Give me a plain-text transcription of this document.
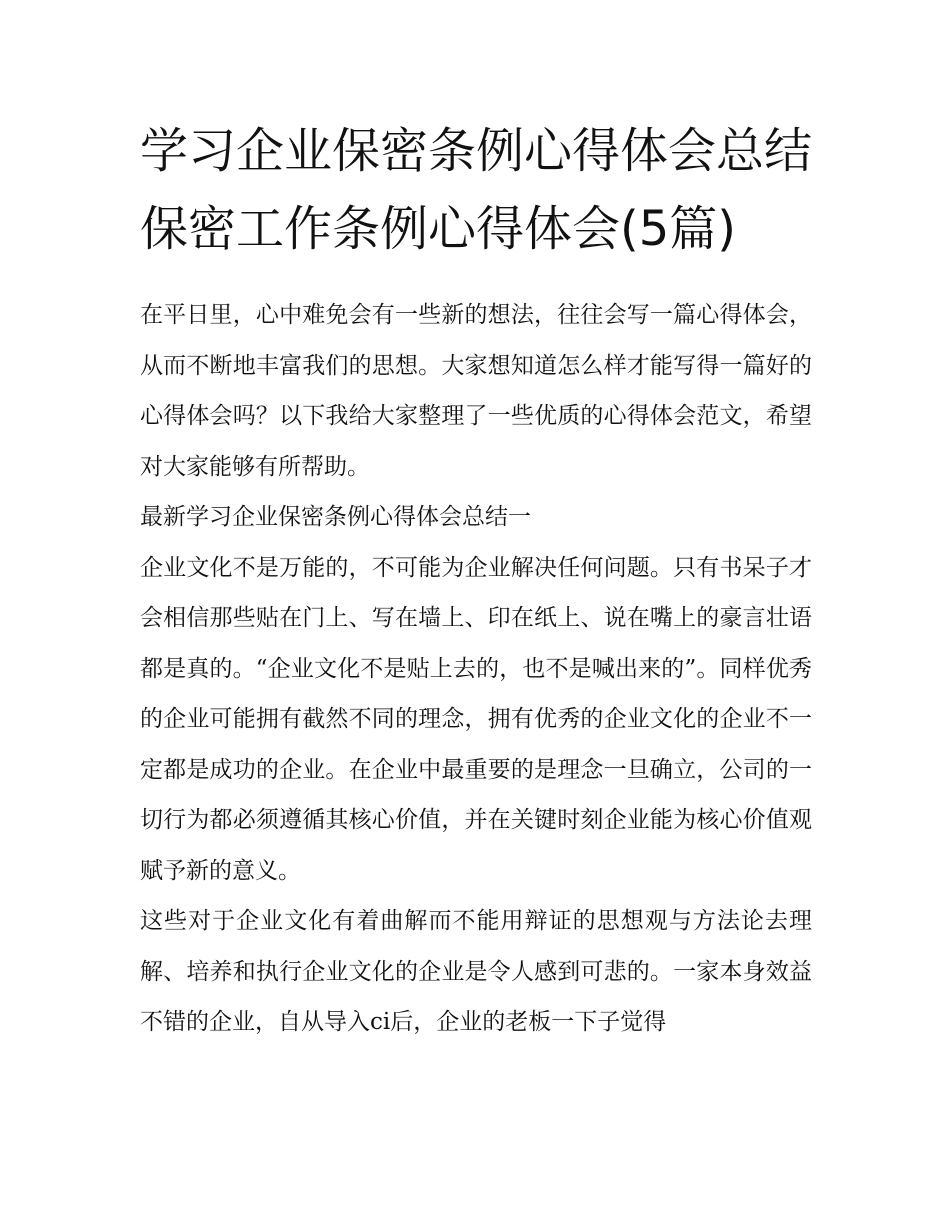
学习企业保密条例心得体会总结 保密工作条例心得体会(5篇)

在平日里，心中难免会有一些新的想法，往往会写一篇心得体会，从而不断地丰富我们的思想。大家想知道怎么样才能写得一篇好的心得体会吗？以下我给大家整理了一些优质的心得体会范文，希望对大家能够有所帮助。

最新学习企业保密条例心得体会总结一

企业文化不是万能的，不可能为企业解决任何问题。只有书呆子才会相信那些贴在门上、写在墙上、印在纸上、说在嘴上的豪言壮语都是真的。“企业文化不是贴上去的，也不是喊出来的”。同样优秀的企业可能拥有截然不同的理念，拥有优秀的企业文化的企业不一定都是成功的企业。在企业中最重要的是理念一旦确立，公司的一切行为都必须遵循其核心价值，并在关键时刻企业能为核心价值观赋予新的意义。

这些对于企业文化有着曲解而不能用辩证的思想观与方法论去理解、培养和执行企业文化的企业是令人感到可悲的。一家本身效益不错的企业，自从导入ci后，企业的老板一下子觉得
